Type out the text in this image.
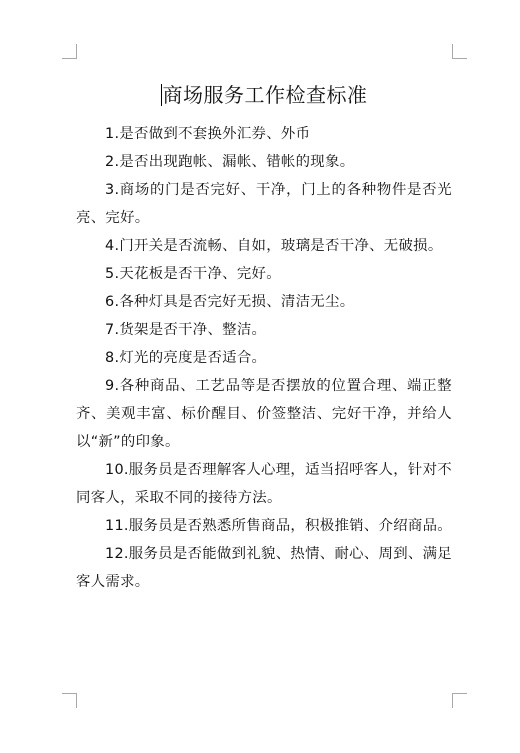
商场服务工作检查标准

1.是否做到不套换外汇券、外币

2.是否出现跑帐、漏帐、错帐的现象。

3.商场的门是否完好、干净，门上的各种物件是否光亮、完好。

4.门开关是否流畅、自如，玻璃是否干净、无破损。

5.天花板是否干净、完好。

6.各种灯具是否完好无损、清洁无尘。

7.货架是否干净、整洁。

8.灯光的亮度是否适合。

9.各种商品、工艺品等是否摆放的位置合理、端正整齐、美观丰富、标价醒目、价签整洁、完好干净，并给人以“新”的印象。

10.服务员是否理解客人心理，适当招呼客人，针对不同客人，采取不同的接待方法。

11.服务员是否熟悉所售商品，积极推销、介绍商品。

12.服务员是否能做到礼貌、热情、耐心、周到、满足客人需求。
